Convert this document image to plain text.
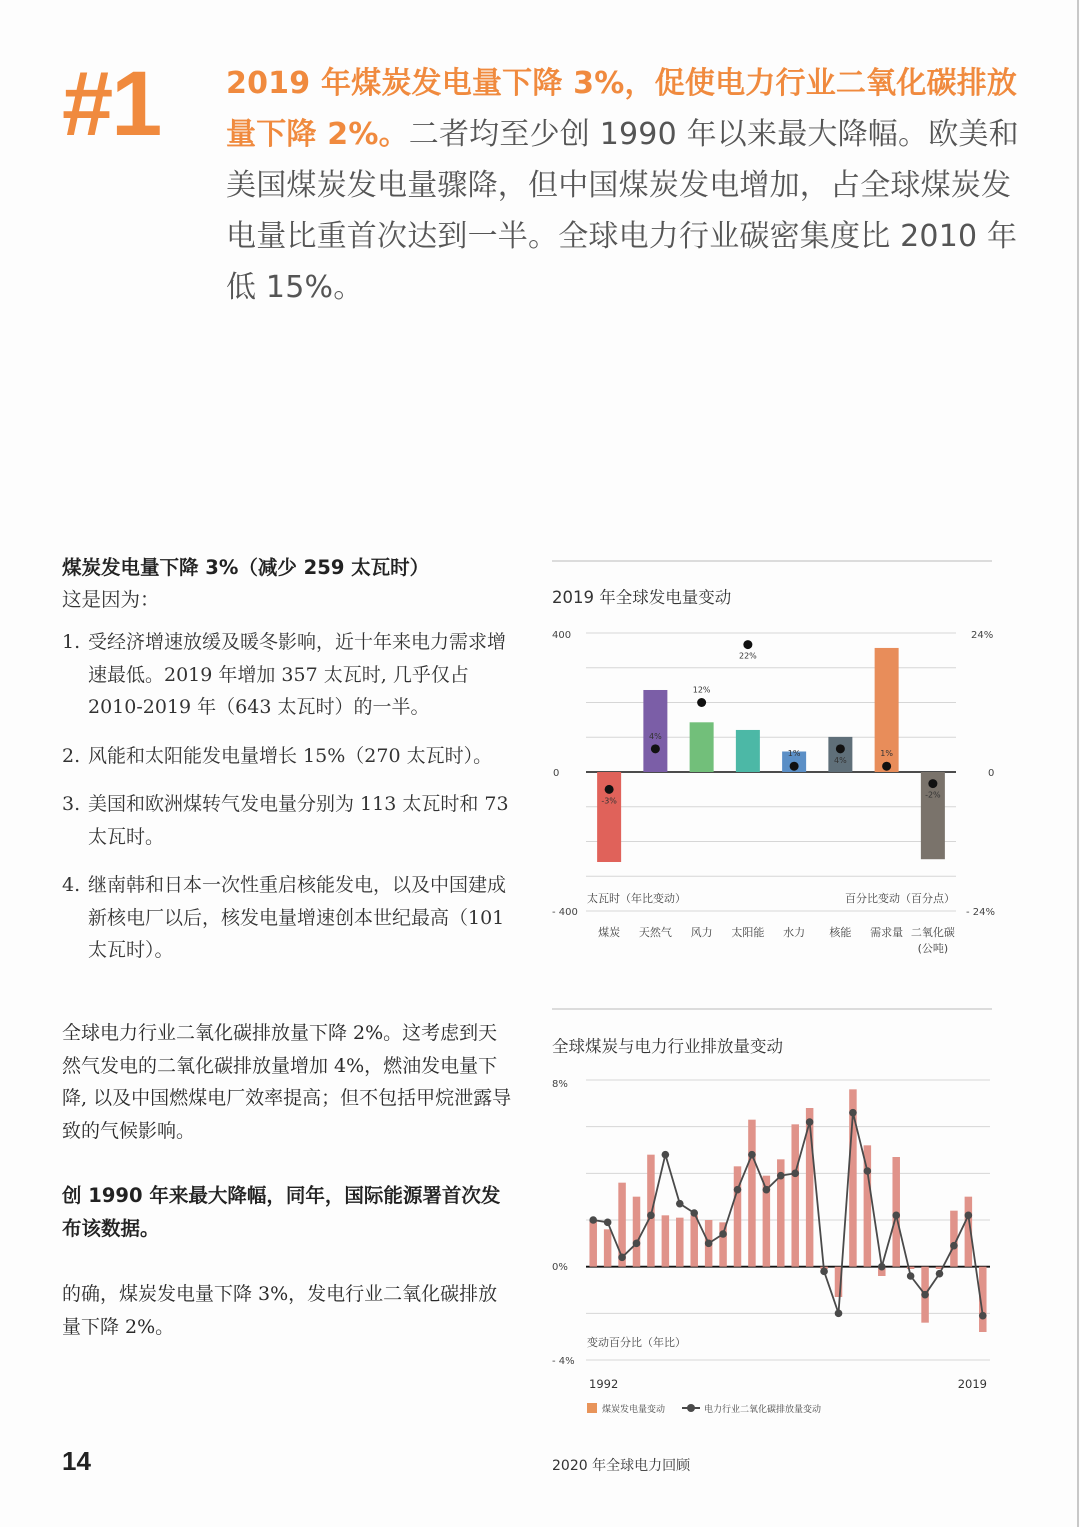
#1 2019 年煤炭发电量下降 3%，促使电力行业二氧化碳排放量下降 2%。二者均至少创 1990 年以来最大降幅。欧美和美国煤炭发电量骤降，但中国煤炭发电增加，占全球煤炭发电量比重首次达到一半。全球电力行业碳密集度比 2010 年低 15%。
煤炭发电量下降 3%（减少 259 太瓦时）
这是因为：
1. 受经济增速放缓及暖冬影响，近十年来电力需求增速最低。2019 年增加 357 太瓦时, 几乎仅占 2010-2019 年（643 太瓦时）的一半。
2. 风能和太阳能发电量增长 15%（270 太瓦时）。
3. 美国和欧洲煤转气发电量分别为 113 太瓦时和 73 太瓦时。
4. 继南韩和日本一次性重启核能发电，以及中国建成新核电厂以后，核发电量增速创本世纪最高（101 太瓦时）。
全球电力行业二氧化碳排放量下降 2%。这考虑到天然气发电的二氧化碳排放量增加 4%，燃油发电量下降, 以及中国燃煤电厂效率提高；但不包括甲烷泄露导致的气候影响。
创 1990 年来最大降幅，同年，国际能源署首次发布该数据。
的确，煤炭发电量下降 3%，发电行业二氧化碳排放量下降 2%。
2019 年全球发电量变动
-3%
4%
12%
22%
1%
4%
1%
-2%
煤炭 天然气 风力 太阳能 水力 核能 需求量 二氧化碳
(公吨)
400
0
- 400
24%
0
- 24%
太瓦时（年比变动）	百分比变动（百分点）
全球煤炭与电力行业排放量变动
8%
0%
- 4%
变动百分比（年比）
1992	2019
煤炭发电量变动	电力行业二氧化碳排放量变动
14	2020 年全球电力回顾
